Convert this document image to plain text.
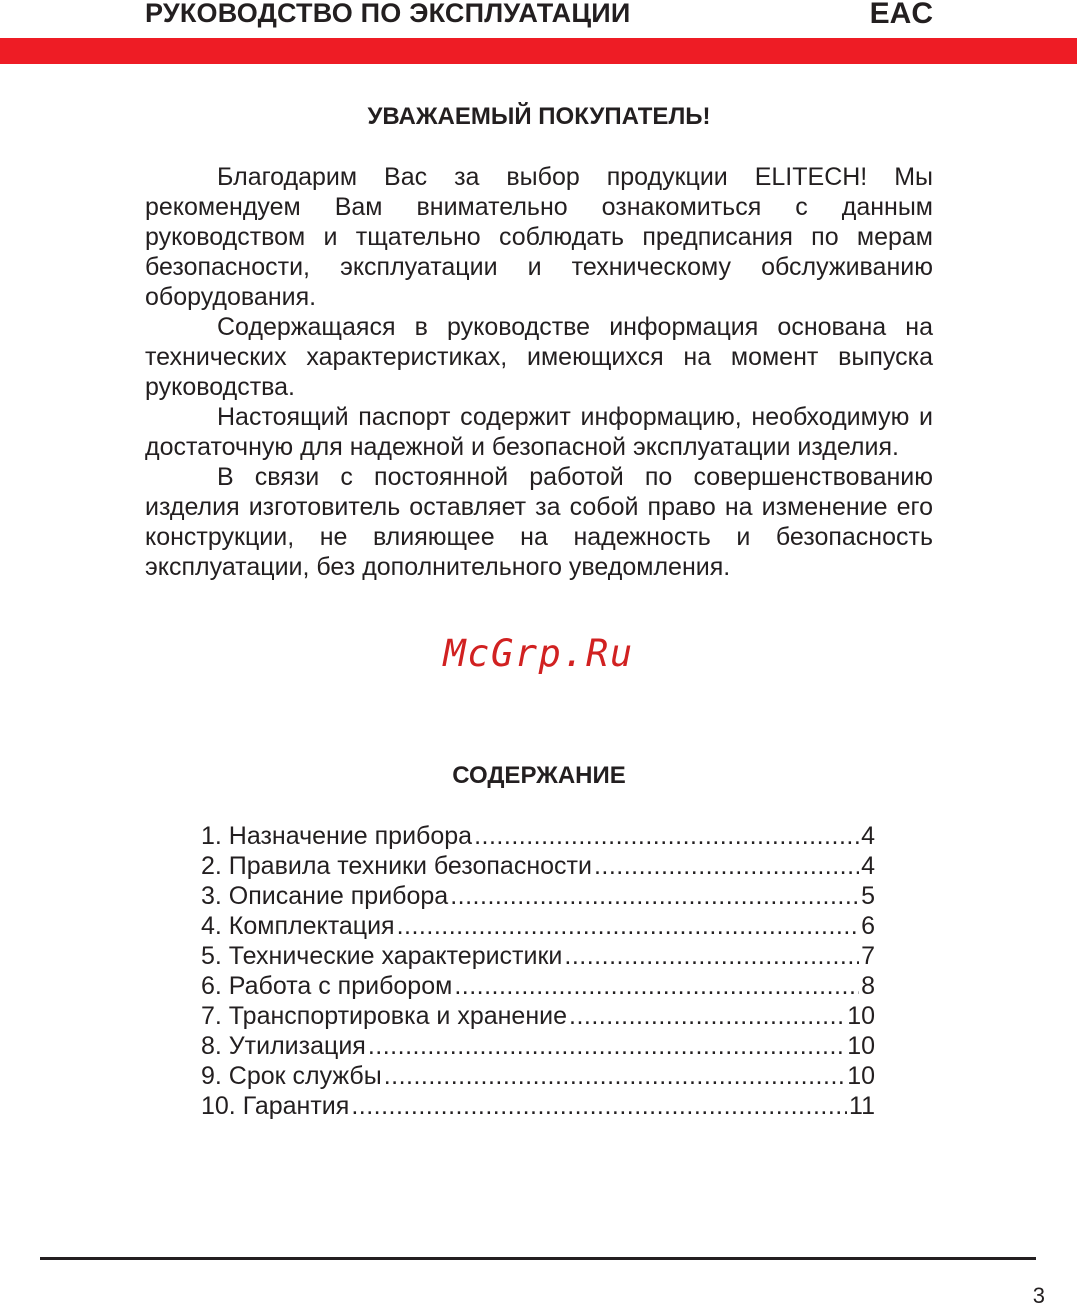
РУКОВОДСТВО ПО ЭКСПЛУАТАЦИИ	EAC
УВАЖАЕМЫЙ ПОКУПАТЕЛЬ!

Благодарим Вас за выбор продукции ELITECH! Мы рекомендуем Вам внимательно ознакомиться с данным руководством и тщательно соблюдать предписания по мерам безопасности, эксплуатации и техническому обслуживанию оборудования.

Содержащаяся в руководстве информация основана на технических характеристиках, имеющихся на момент выпуска руководства.

Настоящий паспорт содержит информацию, необходимую и достаточную для надежной и безопасной эксплуатации изделия.

В связи с постоянной работой по совершенствованию изделия изготовитель оставляет за собой право на изменение его конструкции, не влияющее на надежность и безопасность эксплуатации, без дополнительного уведомления.

McGrp.Ru
СОДЕРЖАНИЕ
1. Назначение прибора .....	4
2. Правила техники безопасности .....	4
3. Описание прибора .....	5
4. Комплектация .....	6
5. Технические характеристики .....	7
6. Работа с прибором .....	8
7. Транспортировка и хранение .....	10
8. Утилизация .....	10
9. Срок службы .....	10
10. Гарантия .....	11
3
